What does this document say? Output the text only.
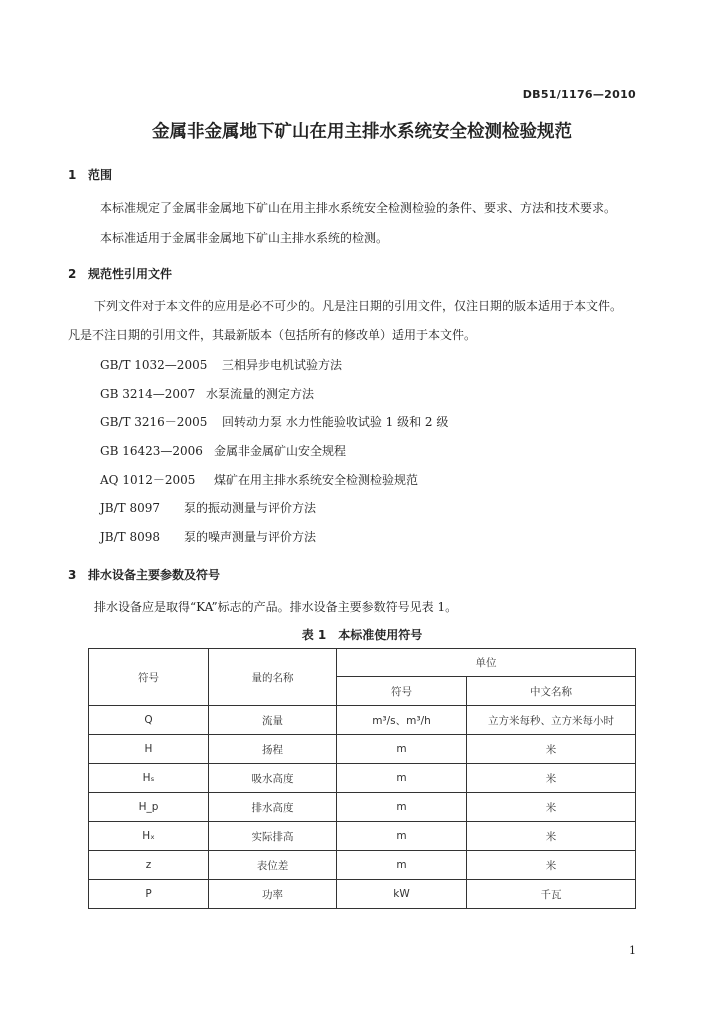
DB51/1176—2010
金属非金属地下矿山在用主排水系统安全检测检验规范
1 范围
本标准规定了金属非金属地下矿山在用主排水系统安全检测检验的条件、要求、方法和技术要求。
本标准适用于金属非金属地下矿山主排水系统的检测。
2 规范性引用文件
下列文件对于本文件的应用是必不可少的。凡是注日期的引用文件，仅注日期的版本适用于本文件。
凡是不注日期的引用文件，其最新版本（包括所有的修改单）适用于本文件。
GB/T 1032—2005 三相异步电机试验方法
GB 3214—2007 水泵流量的测定方法
GB/T 3216－2005 回转动力泵 水力性能验收试验 1 级和 2 级
GB 16423—2006 金属非金属矿山安全规程
AQ 1012－2005 煤矿在用主排水系统安全检测检验规范
JB/T 8097 泵的振动测量与评价方法
JB/T 8098 泵的噪声测量与评价方法
3 排水设备主要参数及符号
排水设备应是取得“KA”标志的产品。排水设备主要参数符号见表 1。
表 1　本标准使用符号
符号	量的名称	单位	
		符号	中文名称
Q	流量	m³/s、m³/h	立方米每秒、立方米每小时
H	扬程	m	米
Hₛ	吸水高度	m	米
H_p	排水高度	m	米
Hₓ	实际排高	m	米
z	表位差	m	米
P	功率	kW	千瓦
1
